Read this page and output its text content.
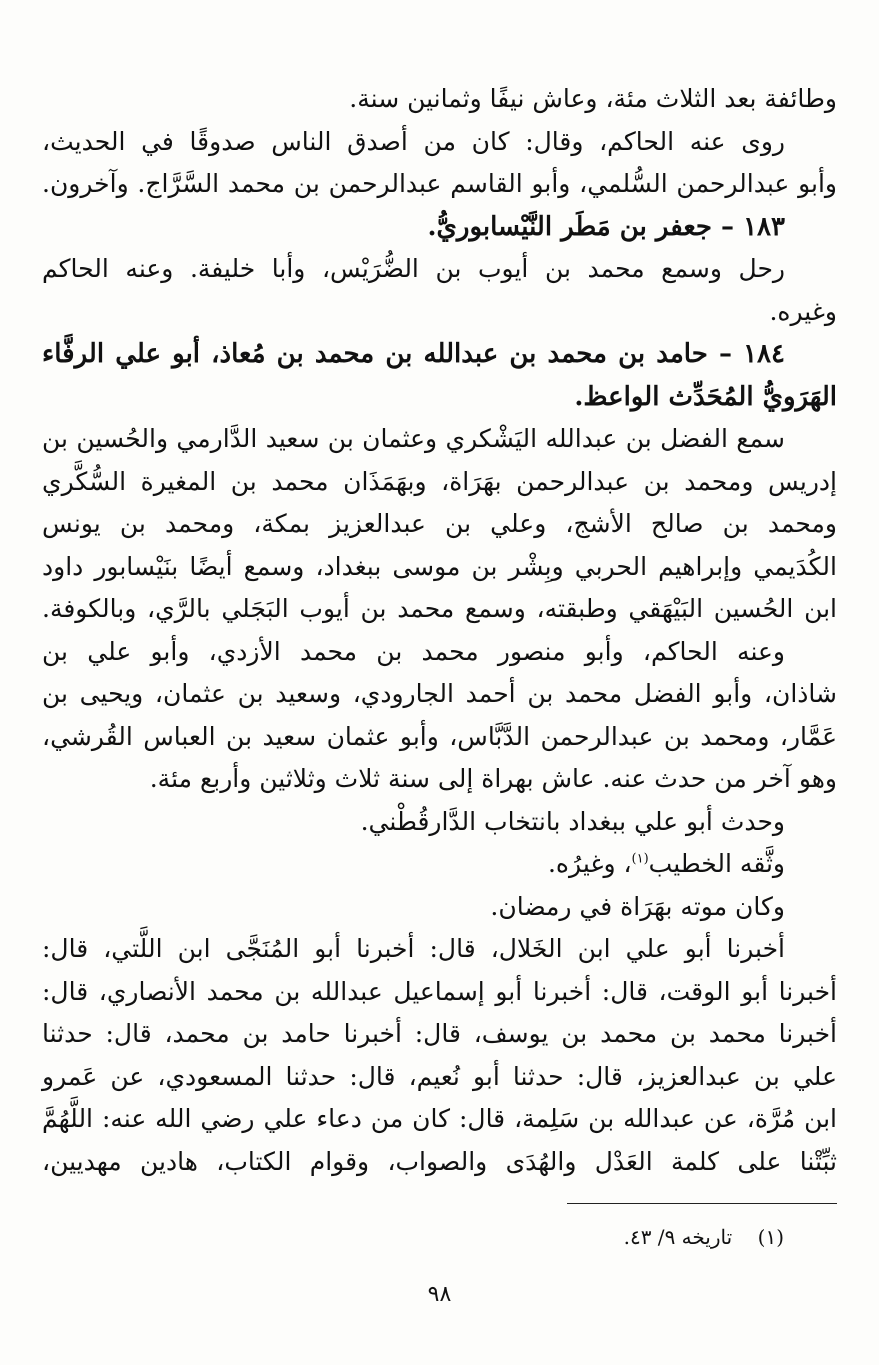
وطائفة بعد الثلاث مئة، وعاش نيفًا وثمانين سنة.
روى عنه الحاكم، وقال: كان من أصدق الناس صدوقًا في الحديث،
وأبو عبدالرحمن السُّلمي، وأبو القاسم عبدالرحمن بن محمد السَّرَّاج. وآخرون.
١٨٣ – جعفر بن مَطَر النَّيْسابوريُّ.
رحل وسمع محمد بن أيوب بن الضُّرَيْس، وأبا خليفة. وعنه الحاكم
وغيره.
١٨٤ – حامد بن محمد بن عبدالله بن محمد بن مُعاذ، أبو علي الرفَّاء
الهَرَويُّ المُحَدِّث الواعظ.
سمع الفضل بن عبدالله اليَشْكري وعثمان بن سعيد الدَّارمي والحُسين بن
إدريس ومحمد بن عبدالرحمن بهَرَاة، وبهَمَذَان محمد بن المغيرة السُّكَّري
ومحمد بن صالح الأشج، وعلي بن عبدالعزيز بمكة، ومحمد بن يونس
الكُدَيمي وإبراهيم الحربي وبِشْر بن موسى ببغداد، وسمع أيضًا بنَيْسابور داود
ابن الحُسين البَيْهَقي وطبقته، وسمع محمد بن أيوب البَجَلي بالرَّي، وبالكوفة.
وعنه الحاكم، وأبو منصور محمد بن محمد الأزدي، وأبو علي بن
شاذان، وأبو الفضل محمد بن أحمد الجارودي، وسعيد بن عثمان، ويحيى بن
عَمَّار، ومحمد بن عبدالرحمن الدَّبَّاس، وأبو عثمان سعيد بن العباس القُرشي،
وهو آخر من حدث عنه. عاش بهراة إلى سنة ثلاث وثلاثين وأربع مئة.
وحدث أبو علي ببغداد بانتخاب الدَّارقُطْني.
وثَّقه الخطيب$^{(١)}$، وغيرُه.
وكان موته بهَرَاة في رمضان.
أخبرنا أبو علي ابن الخَلال، قال: أخبرنا أبو المُنَجَّى ابن اللَّتي، قال:
أخبرنا أبو الوقت، قال: أخبرنا أبو إسماعيل عبدالله بن محمد الأنصاري، قال:
أخبرنا محمد بن محمد بن يوسف، قال: أخبرنا حامد بن محمد، قال: حدثنا
علي بن عبدالعزيز، قال: حدثنا أبو نُعيم، قال: حدثنا المسعودي، عن عَمرو
ابن مُرَّة، عن عبدالله بن سَلِمة، قال: كان من دعاء علي رضي الله عنه: اللَّهُمَّ
ثبِّتْنا على كلمة العَدْل والهُدَى والصواب، وقوام الكتاب، هادين مهديين،
(١)    تاريخه ٩/ ٤٣.
٩٨
